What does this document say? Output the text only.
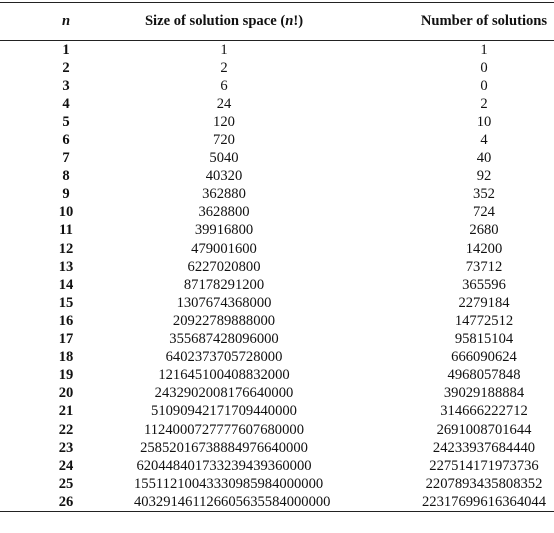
n	Size of solution space (n!)	Number of solutions
1	1	1
2	2	0
3	6	0
4	24	2
5	120	10
6	720	4
7	5040	40
8	40320	92
9	362880	352
10	3628800	724
11	39916800	2680
12	479001600	14200
13	6227020800	73712
14	87178291200	365596
15	1307674368000	2279184
16	20922789888000	14772512
17	355687428096000	95815104
18	6402373705728000	666090624
19	121645100408832000	4968057848
20	2432902008176640000	39029188884
21	51090942171709440000	314666222712
22	1124000727777607680000	2691008701644
23	25852016738884976640000	24233937684440
24	620448401733239439360000	227514171973736
25	15511210043330985984000000	2207893435808352
26	403291461126605635584000000	22317699616364044
